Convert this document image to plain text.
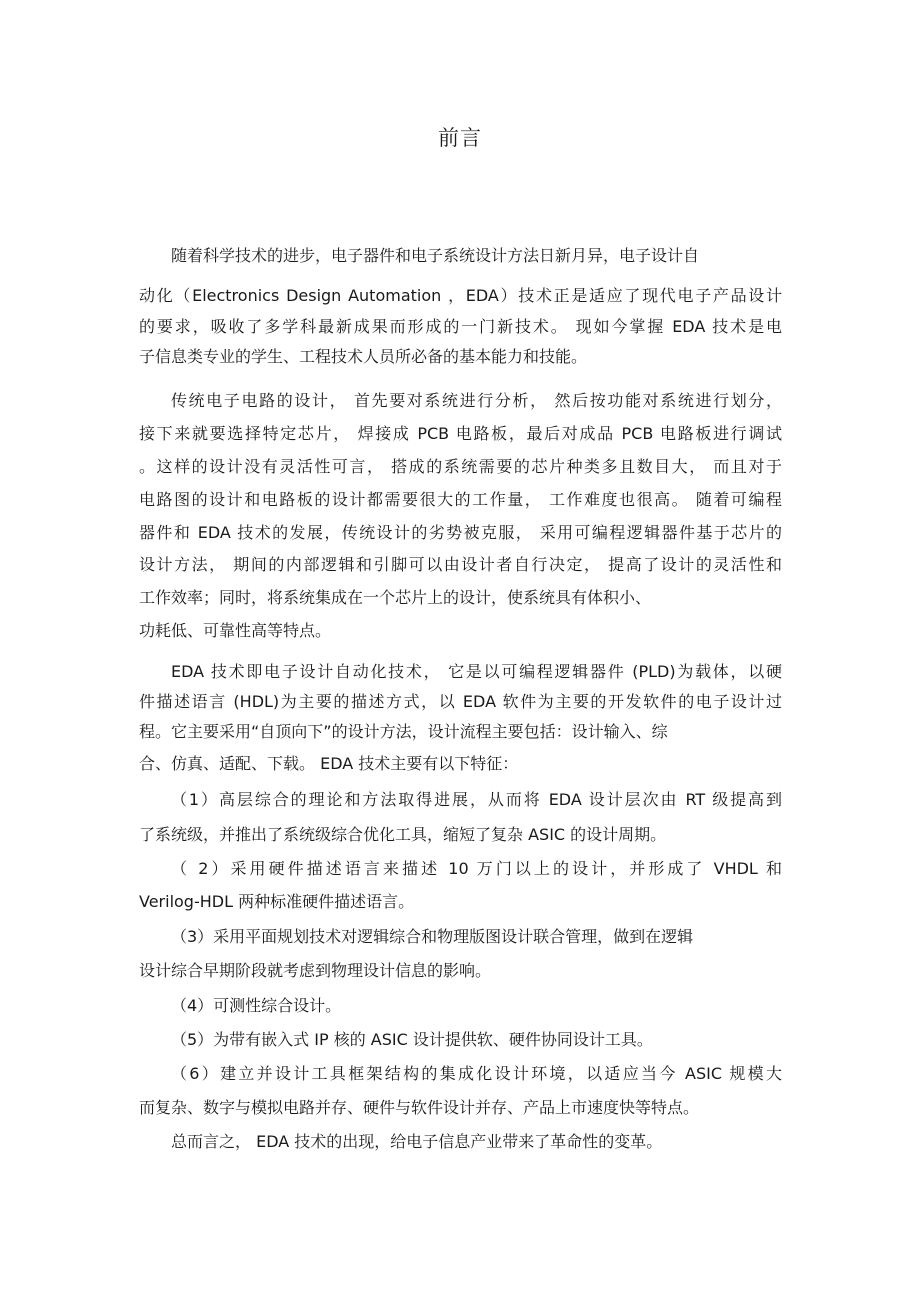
前言

随着科学技术的进步，电子器件和电子系统设计方法日新月异，电子设计自

动化（Electronics Design Automation ，EDA）技术正是适应了现代电子产品设计

的要求，吸收了多学科最新成果而形成的一门新技术。 现如今掌握 EDA 技术是电

子信息类专业的学生、工程技术人员所必备的基本能力和技能。

传统电子电路的设计， 首先要对系统进行分析， 然后按功能对系统进行划分，

接下来就要选择特定芯片， 焊接成 PCB 电路板，最后对成品 PCB 电路板进行调试

。这样的设计没有灵活性可言， 搭成的系统需要的芯片种类多且数目大， 而且对于

电路图的设计和电路板的设计都需要很大的工作量， 工作难度也很高。 随着可编程

器件和 EDA 技术的发展，传统设计的劣势被克服， 采用可编程逻辑器件基于芯片的

设计方法， 期间的内部逻辑和引脚可以由设计者自行决定， 提高了设计的灵活性和

工作效率；同时，将系统集成在一个芯片上的设计，使系统具有体积小、

功耗低、可靠性高等特点。

EDA 技术即电子设计自动化技术， 它是以可编程逻辑器件 (PLD)为载体，以硬

件描述语言 (HDL)为主要的描述方式，以 EDA 软件为主要的开发软件的电子设计过

程。它主要采用“自顶向下”的设计方法，设计流程主要包括：设计输入、综

合、仿真、适配、下载。 EDA 技术主要有以下特征：

（1）高层综合的理论和方法取得进展，从而将 EDA 设计层次由 RT 级提高到

了系统级，并推出了系统级综合优化工具，缩短了复杂 ASIC 的设计周期。

（ 2）采用硬件描述语言来描述 10 万门以上的设计，并形成了 VHDL 和

Verilog-HDL 两种标准硬件描述语言。

（3）采用平面规划技术对逻辑综合和物理版图设计联合管理，做到在逻辑

设计综合早期阶段就考虑到物理设计信息的影响。

（4）可测性综合设计。

（5）为带有嵌入式 IP 核的 ASIC 设计提供软、硬件协同设计工具。

（6）建立并设计工具框架结构的集成化设计环境，以适应当今 ASIC 规模大

而复杂、数字与模拟电路并存、硬件与软件设计并存、产品上市速度快等特点。

总而言之， EDA 技术的出现，给电子信息产业带来了革命性的变革。
